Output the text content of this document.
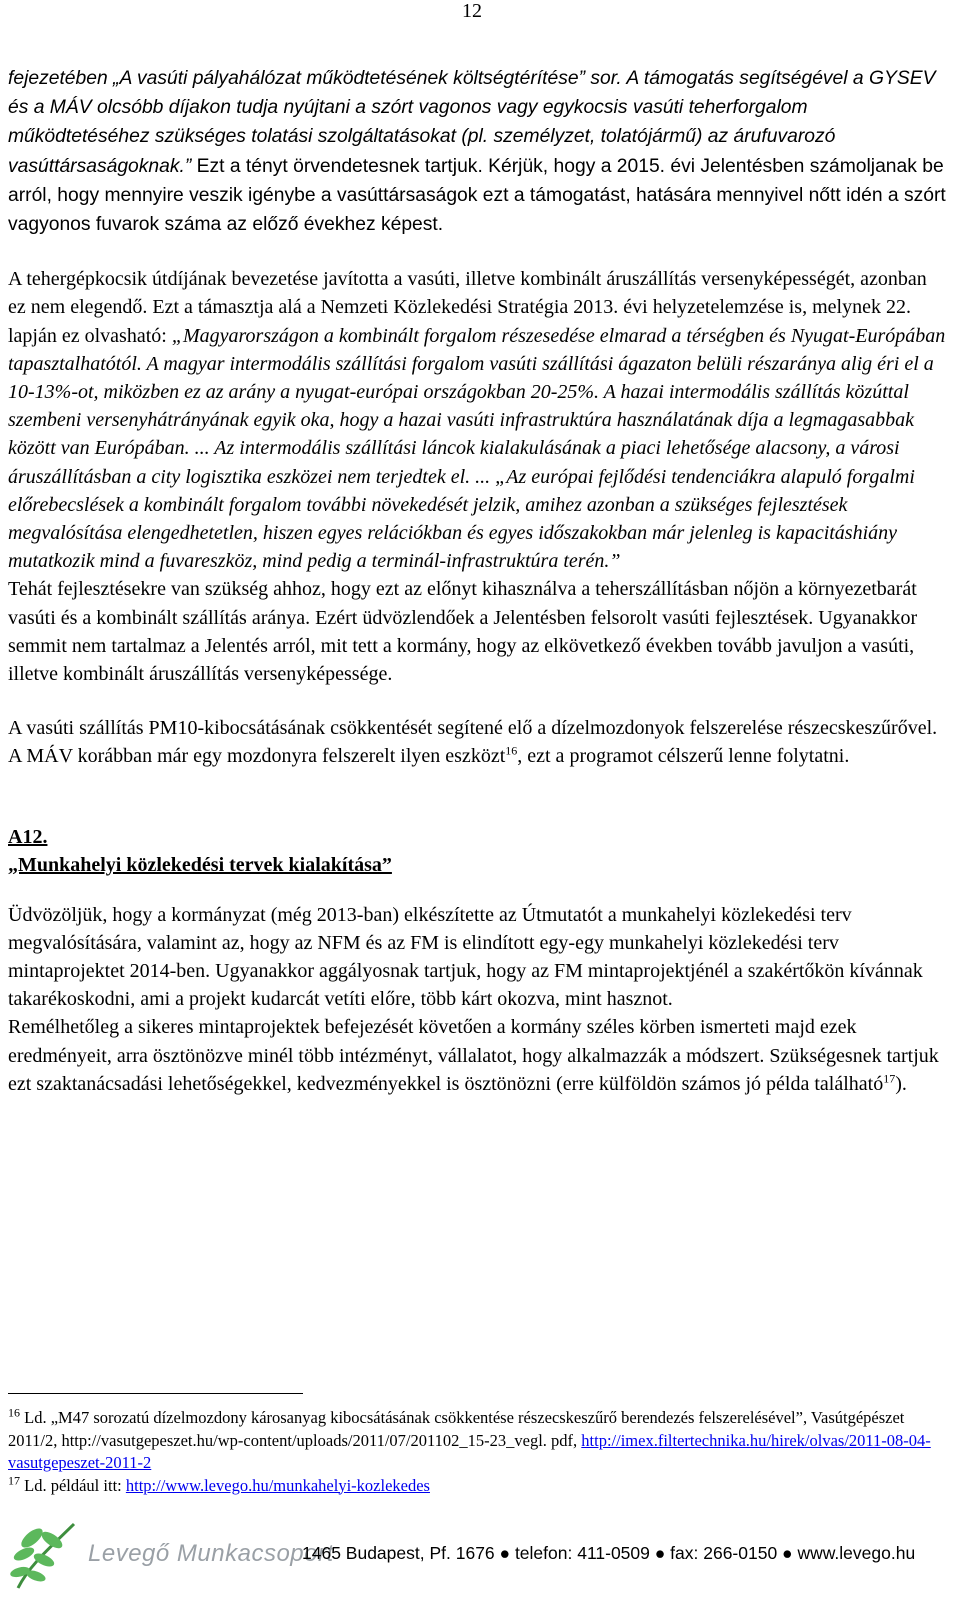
12

fejezetében „A vasúti pályahálózat működtetésének költségtérítése” sor. A támogatás segítségével a GYSEV és a MÁV olcsóbb díjakon tudja nyújtani a szórt vagonos vagy egykocsis vasúti teherforgalom működtetéséhez szükséges tolatási szolgáltatásokat (pl. személyzet, tolatójármű) az árufuvarozó vasúttársaságoknak.” Ezt a tényt örvendetesnek tartjuk. Kérjük, hogy a 2015. évi Jelentésben számoljanak be arról, hogy mennyire veszik igénybe a vasúttársaságok ezt a támogatást, hatására mennyivel nőtt idén a szórt vagyonos fuvarok száma az előző évekhez képest.

A tehergépkocsik útdíjának bevezetése javította a vasúti, illetve kombinált áruszállítás versenyképességét, azonban ez nem elegendő. Ezt a támasztja alá a Nemzeti Közlekedési Stratégia 2013. évi helyzetelemzése is, melynek 22. lapján ez olvasható: „Magyarországon a kombinált forgalom részesedése elmarad a térségben és Nyugat-Európában tapasztalhatótól. A magyar intermodális szállítási forgalom vasúti szállítási ágazaton belüli részaránya alig éri el a 10-13%-ot, miközben ez az arány a nyugat-európai országokban 20-25%. A hazai intermodális szállítás közúttal szembeni versenyhátrányának egyik oka, hogy a hazai vasúti infrastruktúra használatának díja a legmagasabbak között van Európában. ... Az intermodális szállítási láncok kialakulásának a piaci lehetősége alacsony, a városi áruszállításban a city logisztika eszközei nem terjedtek el. ... „Az európai fejlődési tendenciákra alapuló forgalmi előrebecslések a kombinált forgalom további növekedését jelzik, amihez azonban a szükséges fejlesztések megvalósítása elengedhetetlen, hiszen egyes relációkban és egyes időszakokban már jelenleg is kapacitáshiány mutatkozik mind a fuvareszköz, mind pedig a terminál-infrastruktúra terén.”

Tehát fejlesztésekre van szükség ahhoz, hogy ezt az előnyt kihasználva a teherszállításban nőjön a környezetbarát vasúti és a kombinált szállítás aránya. Ezért üdvözlendőek a Jelentésben felsorolt vasúti fejlesztések. Ugyanakkor semmit nem tartalmaz a Jelentés arról, mit tett a kormány, hogy az elkövetkező években tovább javuljon a vasúti, illetve kombinált áruszállítás versenyképessége.

A vasúti szállítás PM10-kibocsátásának csökkentését segítené elő a dízelmozdonyok felszerelése részecskeszűrővel. A MÁV korábban már egy mozdonyra felszerelt ilyen eszközt$^{16}$, ezt a programot célszerű lenne folytatni.

A12.

„Munkahelyi közlekedési tervek kialakítása”

Üdvözöljük, hogy a kormányzat (még 2013-ban) elkészítette az Útmutatót a munkahelyi közlekedési terv megvalósítására, valamint az, hogy az NFM és az FM is elindított egy-egy munkahelyi közlekedési terv mintaprojektet 2014-ben. Ugyanakkor aggályosnak tartjuk, hogy az FM mintaprojektjénél a szakértőkön kívánnak takarékoskodni, ami a projekt kudarcát vetíti előre, több kárt okozva, mint hasznot.

Remélhetőleg a sikeres mintaprojektek befejezését követően a kormány széles körben ismerteti majd ezek eredményeit, arra ösztönözve minél több intézményt, vállalatot, hogy alkalmazzák a módszert. Szükségesnek tartjuk ezt szaktanácsadási lehetőségekkel, kedvezményekkel is ösztönözni (erre külföldön számos jó példa található$^{17}$).

$^{16}$ Ld. „M47 sorozatú dízelmozdony károsanyag kibocsátásának csökkentése részecskeszűrő berendezés felszerelésével”, Vasútgépészet 2011/2, http://vasutgepeszet.hu/wp-content/uploads/2011/07/201102_15-23_vegl. pdf, http://imex.filtertechnika.hu/hirek/olvas/2011-08-04-vasutgepeszet-2011-2

$^{17}$ Ld. például itt: http://www.levego.hu/munkahelyi-kozlekedes

Levegő Munkacsoport
1465 Budapest, Pf. 1676 ● telefon: 411-0509 ● fax: 266-0150 ● www.levego.hu
